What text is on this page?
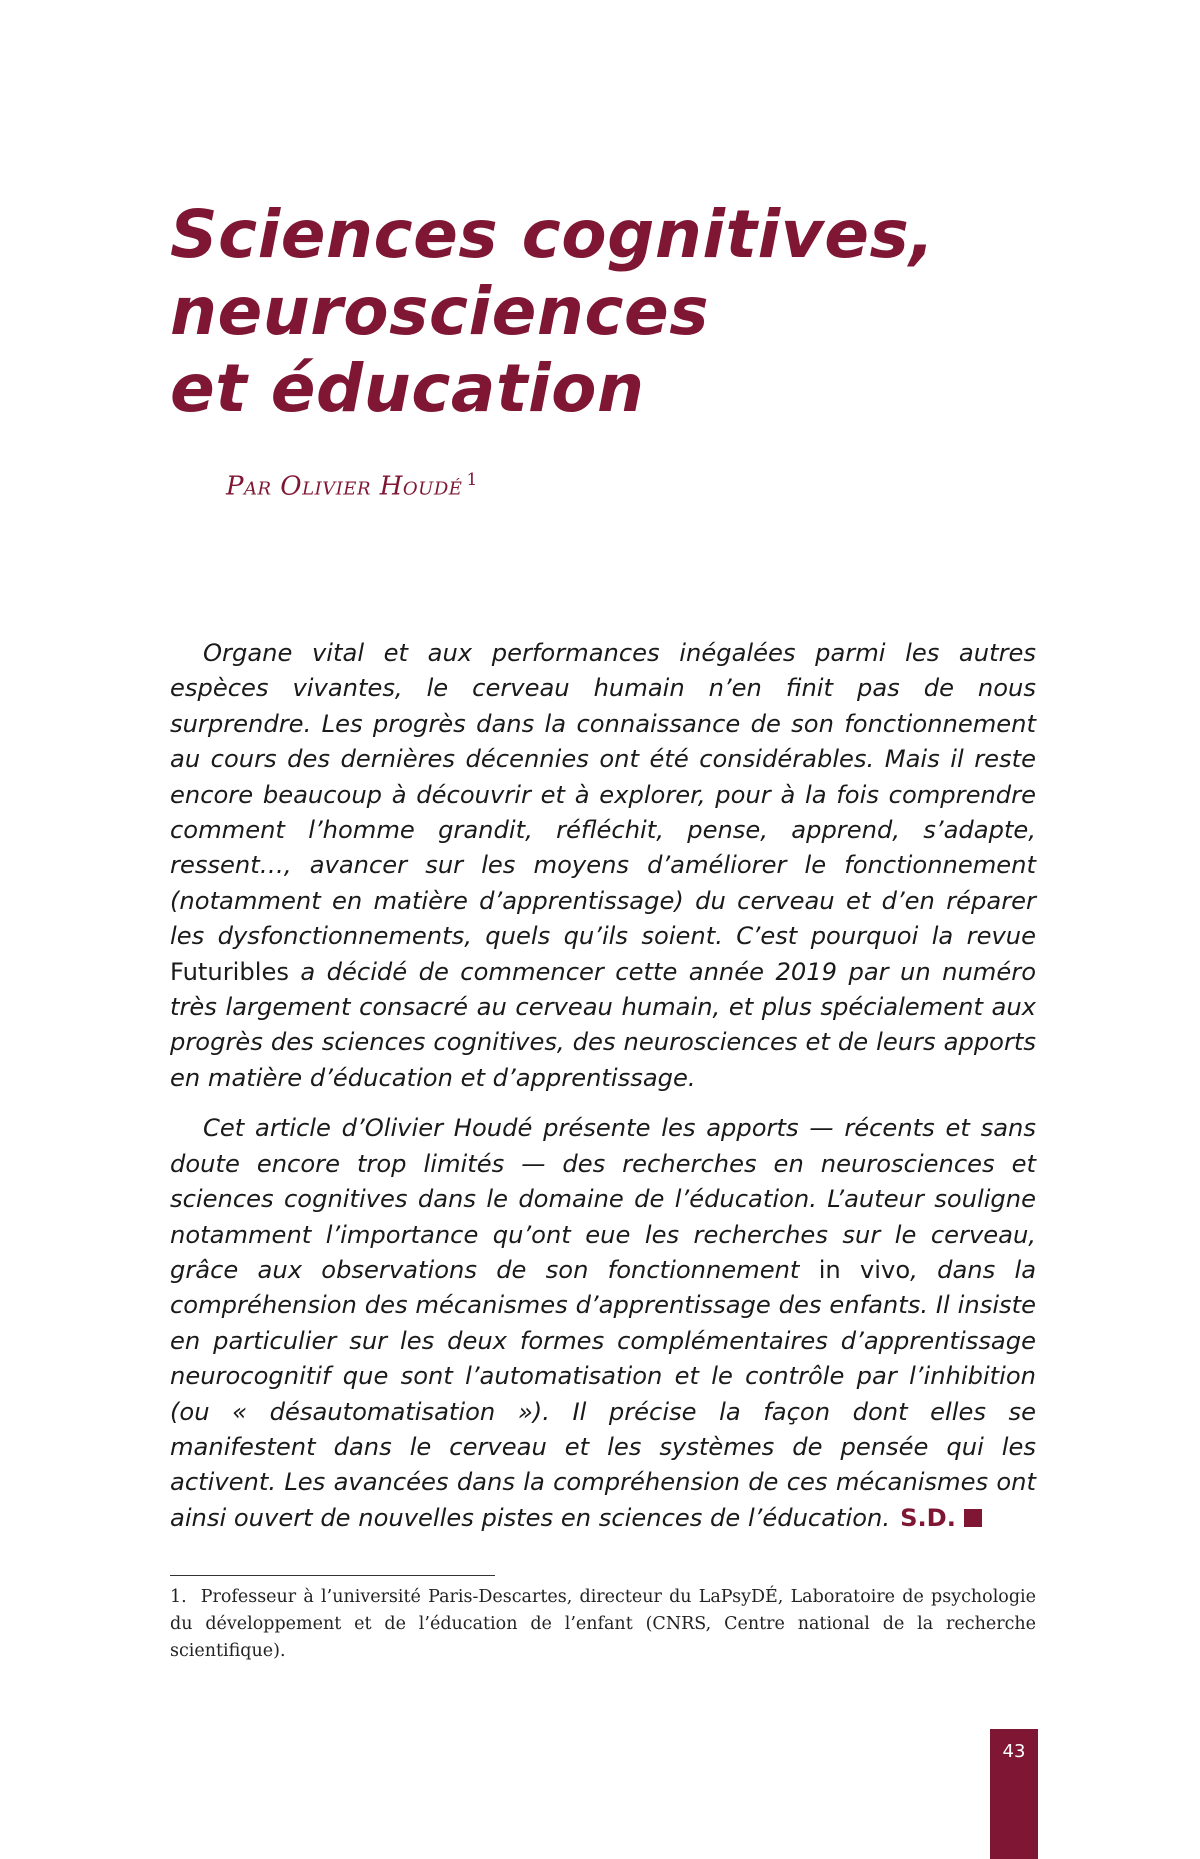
Sciences cognitives,
neurosciences
et éducation
Par Olivier Houdé $^1$

Organe vital et aux performances inégalées parmi les autres espèces vivantes, le cerveau humain n’en finit pas de nous surprendre. Les progrès dans la connaissance de son fonctionnement au cours des dernières décennies ont été considérables. Mais il reste encore beaucoup à découvrir et à explorer, pour à la fois comprendre comment l’homme grandit, réfléchit, pense, apprend, s’adapte, ressent…, avancer sur les moyens d’améliorer le fonctionnement (notamment en matière d’apprentissage) du cerveau et d’en réparer les dysfonctionnements, quels qu’ils soient. C’est pourquoi la revue Futuribles a décidé de commencer cette année 2019 par un numéro très largement consacré au cerveau humain, et plus spécialement aux progrès des sciences cognitives, des neurosciences et de leurs apports en matière d’éducation et d’apprentissage.

Cet article d’Olivier Houdé présente les apports — récents et sans doute encore trop limités — des recherches en neurosciences et sciences cognitives dans le domaine de l’éducation. L’auteur souligne notamment l’importance qu’ont eue les recherches sur le cerveau, grâce aux observations de son fonctionnement in vivo, dans la compréhension des mécanismes d’apprentissage des enfants. Il insiste en particulier sur les deux formes complémentaires d’apprentissage neurocognitif que sont l’automatisation et le contrôle par l’inhibition (ou « désautomatisation »). Il précise la façon dont elles se manifestent dans le cerveau et les systèmes de pensée qui les activent. Les avancées dans la compréhension de ces mécanismes ont ainsi ouvert de nouvelles pistes en sciences de l’éducation. S.D.

1. Professeur à l’université Paris-Descartes, directeur du LaPsyDÉ, Laboratoire de psychologie du développement et de l’éducation de l’enfant (CNRS, Centre national de la recherche scientifique).

43
